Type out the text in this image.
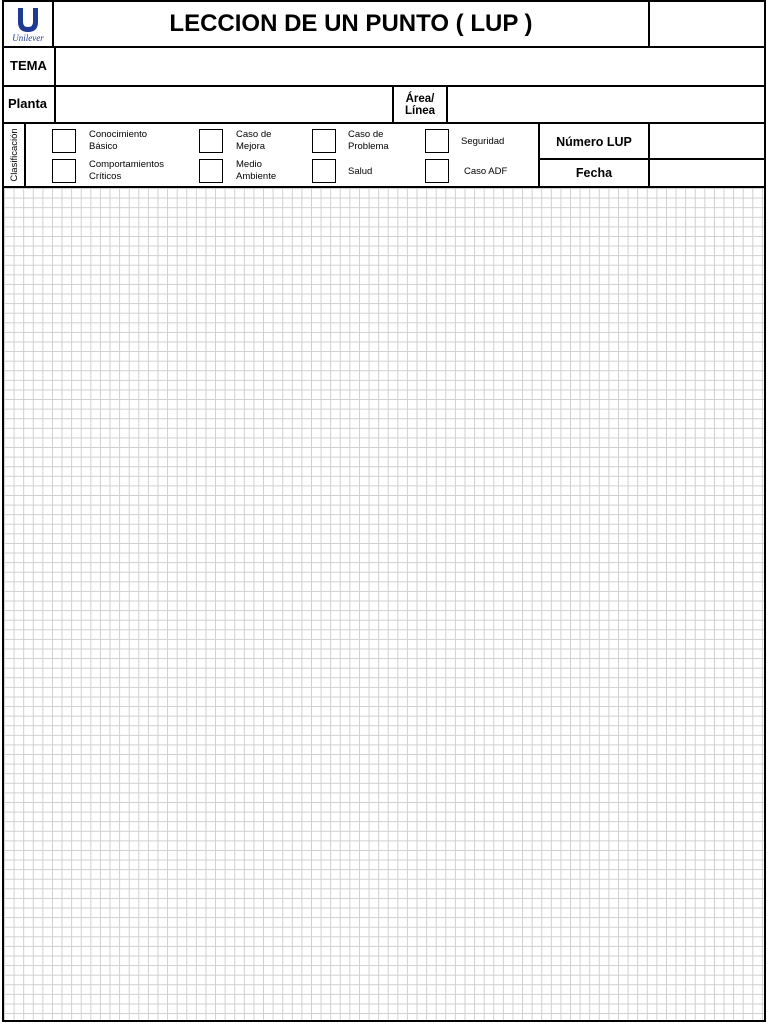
Unilever
LECCION DE UN PUNTO ( LUP )
TEMA
Planta	Área/
Línea
Clasificación	Conocimiento
Básico
Comportamientos
Críticos
Caso de
Mejora
Medio
Ambiente
Caso de
Problema
Salud
Seguridad
Caso ADF
Número LUP
Fecha
